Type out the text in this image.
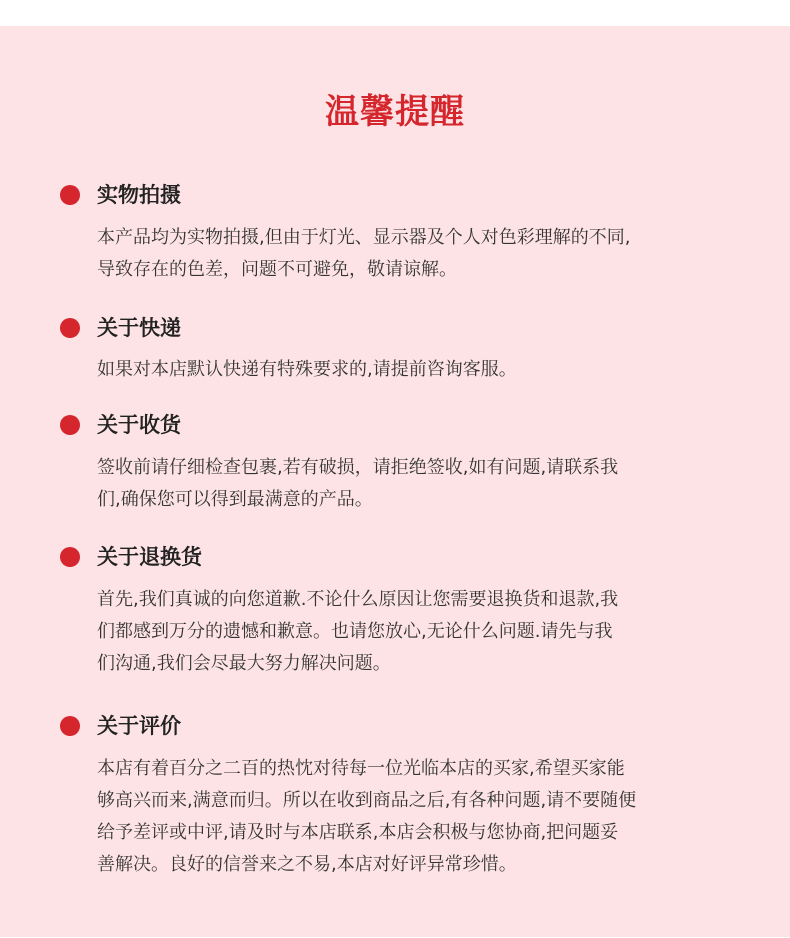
温馨提醒
实物拍摄
本产品均为实物拍摄,但由于灯光、显示器及个人对色彩理解的不同,
导致存在的色差，问题不可避免，敬请谅解。
关于快递
如果对本店默认快递有特殊要求的,请提前咨询客服。
关于收货
签收前请仔细检查包裹,若有破损，请拒绝签收,如有问题,请联系我
们,确保您可以得到最满意的产品。
关于退换货
首先,我们真诚的向您道歉.不论什么原因让您需要退换货和退款,我
们都感到万分的遗憾和歉意。也请您放心,无论什么问题.请先与我
们沟通,我们会尽最大努力解决问题。
关于评价
本店有着百分之二百的热忱对待每一位光临本店的买家,希望买家能
够高兴而来,满意而归。所以在收到商品之后,有各种问题,请不要随便
给予差评或中评,请及时与本店联系,本店会积极与您协商,把问题妥
善解决。良好的信誉来之不易,本店对好评异常珍惜。
